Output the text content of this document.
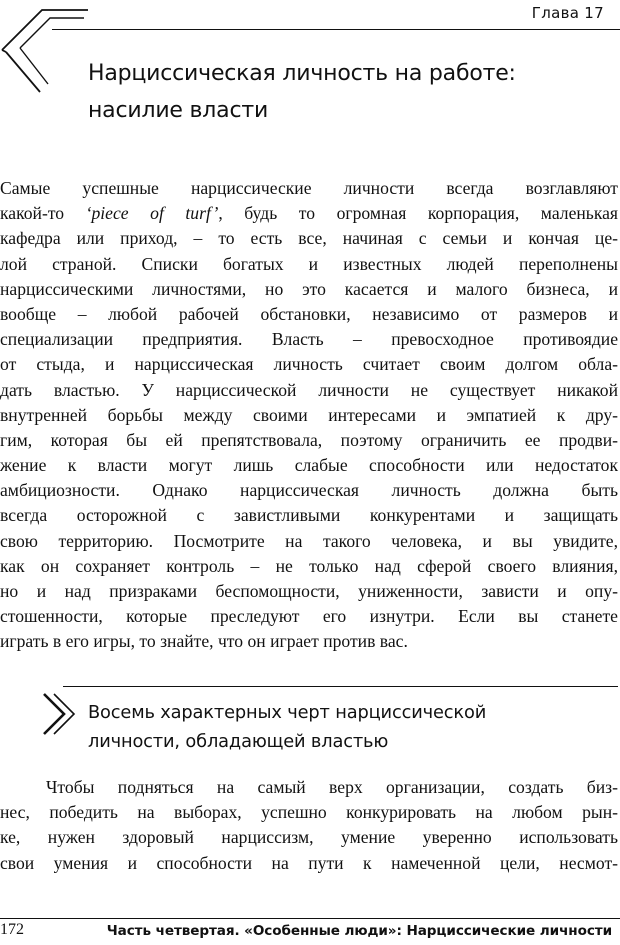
Глава 17
Нарциссическая личность на работе:
насилие власти
Самые успешные нарциссические личности всегда возглавляют
какой-то ‘piece of turf’, будь то огромная корпорация, маленькая
кафедра или приход, – то есть все, начиная с семьи и кончая це-
лой страной. Списки богатых и известных людей переполнены
нарциссическими личностями, но это касается и малого бизнеса, и
вообще – любой рабочей обстановки, независимо от размеров и
специализации предприятия. Власть – превосходное противоядие
от стыда, и нарциссическая личность считает своим долгом обла-
дать властью. У нарциссической личности не существует никакой
внутренней борьбы между своими интересами и эмпатией к дру-
гим, которая бы ей препятствовала, поэтому ограничить ее продви-
жение к власти могут лишь слабые способности или недостаток
амбициозности. Однако нарциссическая личность должна быть
всегда осторожной с завистливыми конкурентами и защищать
свою территорию. Посмотрите на такого человека, и вы увидите,
как он сохраняет контроль – не только над сферой своего влияния,
но и над призраками беспомощности, униженности, зависти и опу-
стошенности, которые преследуют его изнутри. Если вы станете
играть в его игры, то знайте, что он играет против вас.
Восемь характерных черт нарциссической
личности, обладающей властью
Чтобы подняться на самый верх организации, создать биз-
нес, победить на выборах, успешно конкурировать на любом рын-
ке, нужен здоровый нарциссизм, умение уверенно использовать
свои умения и способности на пути к намеченной цели, несмот-
172	Часть четвертая. «Особенные люди»: Нарциссические личности
